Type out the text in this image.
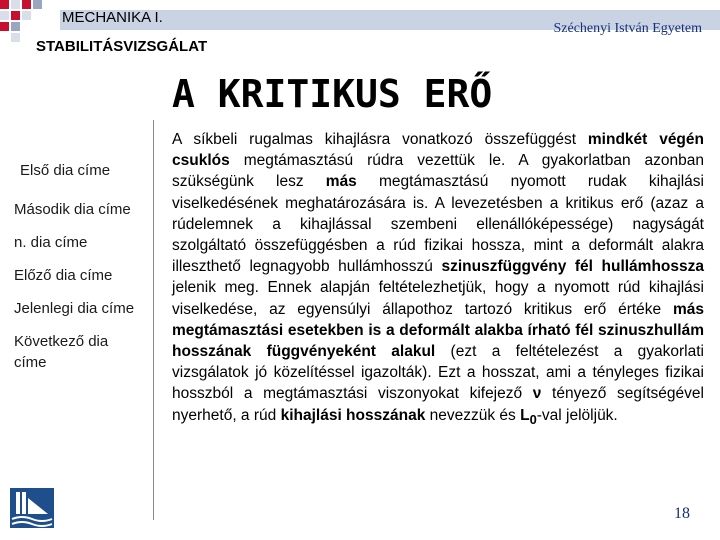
MECHANIKA I.
Széchenyi István Egyetem
STABILITÁSVIZSGÁLAT
A KRITIKUS ERŐ
Első dia címe
Második dia címe
n. dia címe
Előző dia címe
Jelenlegi dia címe
Következő dia címe
A síkbeli rugalmas kihajlásra vonatkozó összefüggést mindkét végén csuklós megtámasztású rúdra vezettük le. A gyakorlatban azonban szükségünk lesz más megtámasztású nyomott rudak kihajlási viselkedésének meghatározására is. A levezetésben a kritikus erő (azaz a rúdelemnek a kihajlással szembeni ellenállóképessége) nagyságát szolgáltató összefüggésben a rúd fizikai hossza, mint a deformált alakra illeszthető legnagyobb hullámhosszú szinuszfüggvény fél hullámhossza jelenik meg. Ennek alapján feltételezhetjük, hogy a nyomott rúd kihajlási viselkedése, az egyensúlyi állapothoz tartozó kritikus erő értéke más megtámasztási esetekben is a deformált alakba írható fél szinuszhullám hosszának függvényeként alakul (ezt a feltételezést a gyakorlati vizsgálatok jó közelítéssel igazolták). Ezt a hosszat, ami a tényleges fizikai hosszból a megtámasztási viszonyokat kifejező ν tényező segítségével nyerhető, a rúd kihajlási hosszának nevezzük és $L_0$-val jelöljük.
18
